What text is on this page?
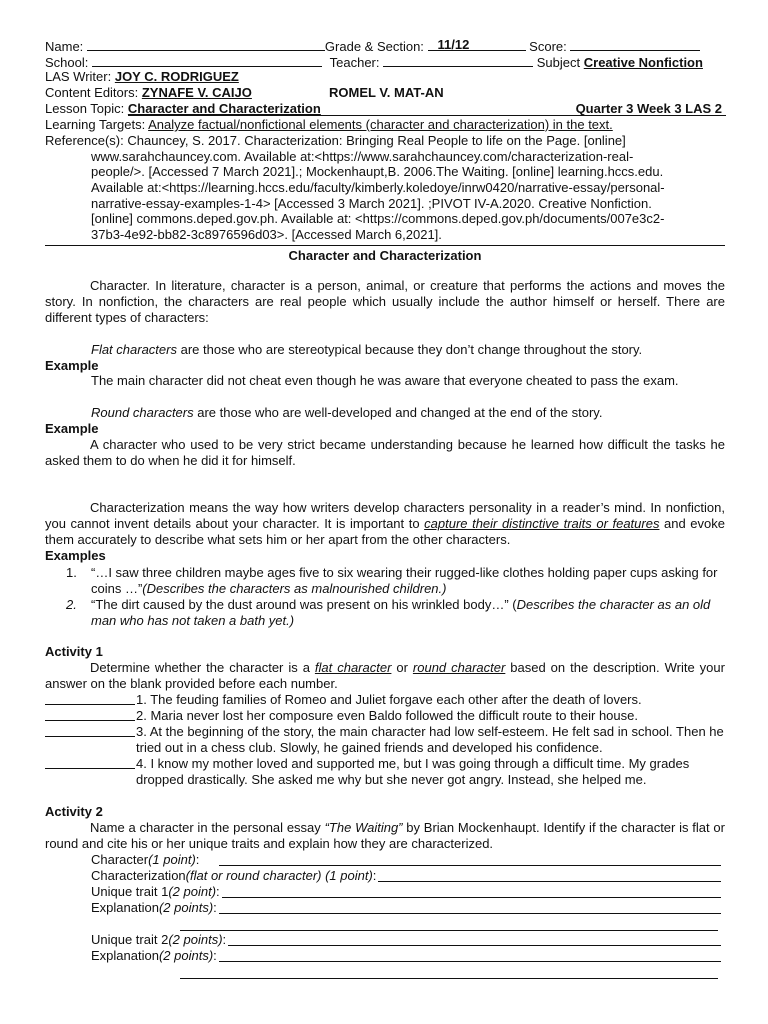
Name:	Grade & Section: 11/12	Score:
School:	Teacher:	Subject Creative Nonfiction
LAS Writer: JOY C. RODRIGUEZ
Content Editors: ZYNAFE V. CAIJO	ROMEL V. MAT-AN
Lesson Topic: Character and Characterization	Quarter 3 Week 3 LAS 2
Learning Targets: Analyze factual/nonfictional elements (character and characterization) in the text.
Reference(s): Chauncey, S. 2017. Characterization: Bringing Real People to life on the Page. [online]
www.sarahchauncey.com. Available at:<https://www.sarahchauncey.com/characterization-real-
people/>. [Accessed 7 March 2021].; Mockenhaupt,B. 2006.The Waiting. [online] learning.hccs.edu.
Available at:<https://learning.hccs.edu/faculty/kimberly.koledoye/inrw0420/narrative-essay/personal-
narrative-essay-examples-1-4> [Accessed 3 March 2021]. ;PIVOT IV-A.2020. Creative Nonfiction.
[online] commons.deped.gov.ph. Available at: <https://commons.deped.gov.ph/documents/007e3c2-
37b3-4e92-bb82-3c8976596d03>. [Accessed March 6,2021].
Character and Characterization
Character. In literature, character is a person, animal, or creature that performs the actions and moves the story. In nonfiction, the characters are real people which usually include the author himself or herself. There are different types of characters:
Flat characters are those who are stereotypical because they don’t change throughout the story.
Example
The main character did not cheat even though he was aware that everyone cheated to pass the exam.
Round characters are those who are well-developed and changed at the end of the story.
Example
A character who used to be very strict became understanding because he learned how difficult the tasks he asked them to do when he did it for himself.
Characterization means the way how writers develop characters personality in a reader’s mind. In nonfiction, you cannot invent details about your character. It is important to capture their distinctive traits or features and evoke them accurately to describe what sets him or her apart from the other characters.
Examples
1. “…I saw three children maybe ages five to six wearing their rugged-like clothes holding paper cups asking for coins …”(Describes the characters as malnourished children.)
2. “The dirt caused by the dust around was present on his wrinkled body…” (Describes the character as an old man who has not taken a bath yet.)
Activity 1
Determine whether the character is a flat character or round character based on the description. Write your answer on the blank provided before each number.
1. The feuding families of Romeo and Juliet forgave each other after the death of lovers.
2. Maria never lost her composure even Baldo followed the difficult route to their house.
3. At the beginning of the story, the main character had low self-esteem. He felt sad in school. Then he tried out in a chess club. Slowly, he gained friends and developed his confidence.
4. I know my mother loved and supported me, but I was going through a difficult time. My grades dropped drastically. She asked me why but she never got angry. Instead, she helped me.
Activity 2
Name a character in the personal essay “The Waiting” by Brian Mockenhaupt. Identify if the character is flat or round and cite his or her unique traits and explain how they are characterized.
Character (1 point) :
Characterization (flat or round character) (1 point) :
Unique trait 1 (2 point) :
Explanation (2 points) :
Unique trait 2 (2 points) :
Explanation (2 points) :
